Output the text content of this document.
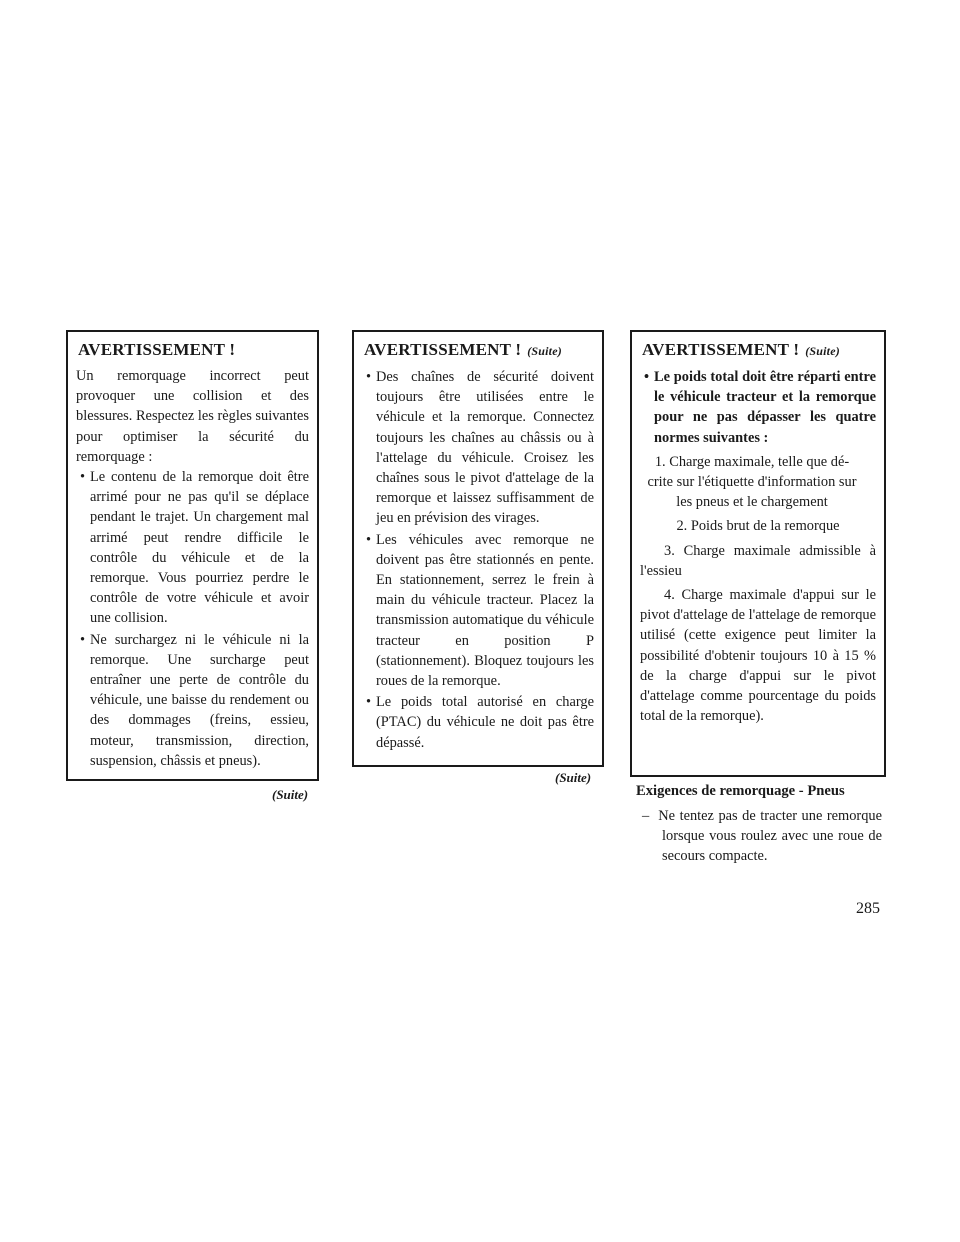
AVERTISSEMENT !

Un remorquage incorrect peut provoquer une collision et des blessures. Respectez les règles suivantes pour optimiser la sécurité du remorquage :

• Le contenu de la remorque doit être arrimé pour ne pas qu'il se déplace pendant le trajet. Un chargement mal arrimé peut rendre difficile le contrôle du véhicule et de la remorque. Vous pourriez perdre le contrôle de votre véhicule et avoir une collision.
• Ne surchargez ni le véhicule ni la remorque. Une surcharge peut entraîner une perte de contrôle du véhicule, une baisse du rendement ou des dommages (freins, essieu, moteur, transmission, direction, suspension, châssis et pneus).
(Suite)
AVERTISSEMENT ! (Suite)
• Des chaînes de sécurité doivent toujours être utilisées entre le véhicule et la remorque. Connectez toujours les chaînes au châssis ou à l'attelage du véhicule. Croisez les chaînes sous le pivot d'attelage de la remorque et laissez suffisamment de jeu en prévision des virages.
• Les véhicules avec remorque ne doivent pas être stationnés en pente. En stationnement, serrez le frein à main du véhicule tracteur. Placez la transmission automatique du véhicule tracteur en position P (stationnement). Bloquez toujours les roues de la remorque.
• Le poids total autorisé en charge (PTAC) du véhicule ne doit pas être dépassé.
(Suite)
AVERTISSEMENT ! (Suite)
• Le poids total doit être réparti entre le véhicule tracteur et la remorque pour ne pas dépasser les quatre normes suivantes :
1. Charge maximale, telle que dé-
crite sur l'étiquette d'information sur
les pneus et le chargement
2. Poids brut de la remorque
3. Charge maximale admissible à l'essieu
4. Charge maximale d'appui sur le pivot d'attelage de l'attelage de remorque utilisé (cette exigence peut limiter la possibilité d'obtenir toujours 10 à 15 % de la charge d'appui sur le pivot d'attelage comme pourcentage du poids total de la remorque).
Exigences de remorquage - Pneus
–  Ne tentez pas de tracter une remorque lorsque vous roulez avec une roue de secours compacte.
285
